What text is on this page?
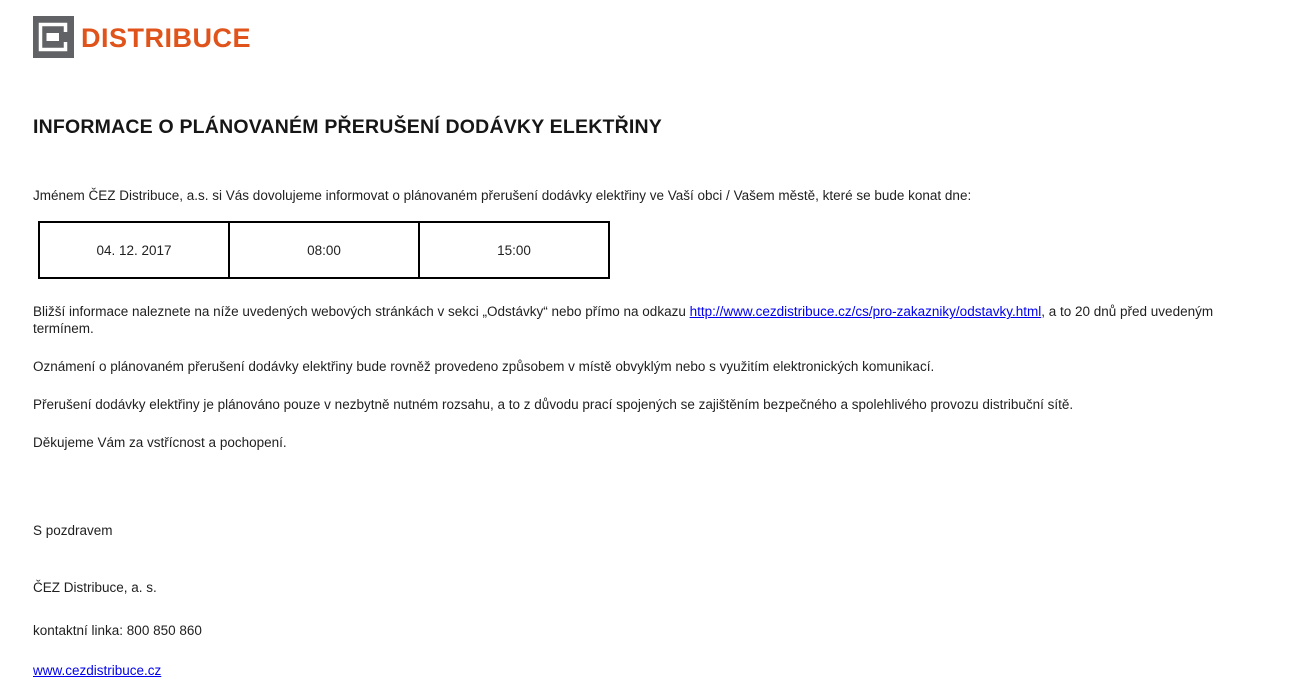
DISTRIBUCE
INFORMACE O PLÁNOVANÉM PŘERUŠENÍ DODÁVKY ELEKTŘINY

Jménem ČEZ Distribuce, a.s. si Vás dovolujeme informovat o plánovaném přerušení dodávky elektřiny ve Vaší obci / Vašem městě, které se bude konat dne:

04. 12. 2017	08:00	15:00

Bližší informace naleznete na níže uvedených webových stránkách v sekci „Odstávky“ nebo přímo na odkazu http://www.cezdistribuce.cz/cs/pro-zakazniky/odstavky.html, a to 20 dnů před uvedeným termínem.

Oznámení o plánovaném přerušení dodávky elektřiny bude rovněž provedeno způsobem v místě obvyklým nebo s využitím elektronických komunikací.

Přerušení dodávky elektřiny je plánováno pouze v nezbytně nutném rozsahu, a to z důvodu prací spojených se zajištěním bezpečného a spolehlivého provozu distribuční sítě.

Děkujeme Vám za vstřícnost a pochopení.

S pozdravem

ČEZ Distribuce, a. s.

kontaktní linka: 800 850 860

www.cezdistribuce.cz
